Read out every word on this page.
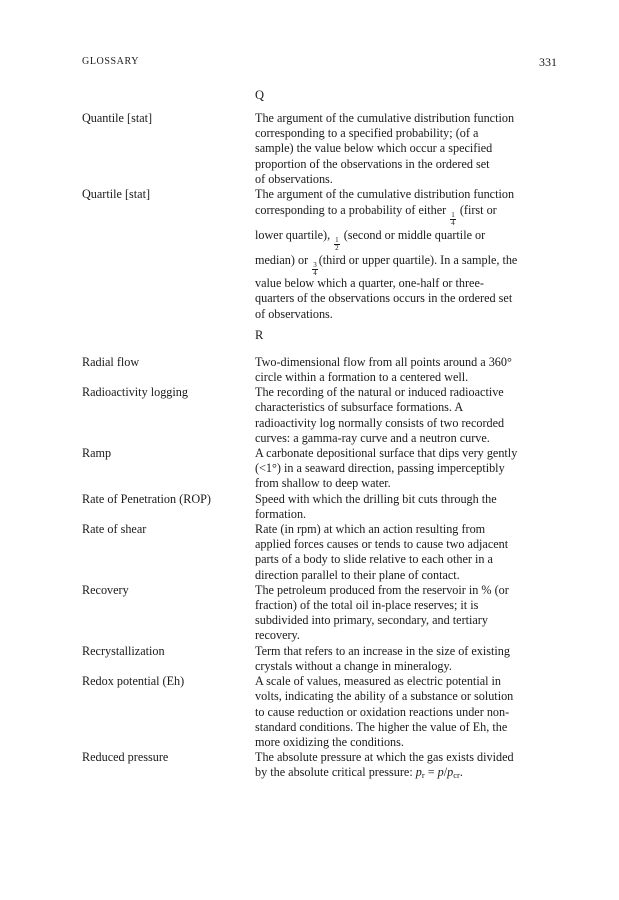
GLOSSARY	331
Q
Quantile [stat]	The argument of the cumulative distribution function
corresponding to a specified probability; (of a
sample) the value below which occur a specified
proportion of the observations in the ordered set
of observations.
Quartile [stat]	The argument of the cumulative distribution function
corresponding to a probability of either
$\frac{1}{4}$
(first or
lower quartile),
$\frac{1}{2}$
(second or middle quartile or
median) or
$\frac{3}{4}$
(third or upper quartile). In a sample, the
value below which a quarter, one-half or three-
quarters of the observations occurs in the ordered set
of observations.
R
Radial flow	Two-dimensional flow from all points around a 360°
circle within a formation to a centered well.
Radioactivity logging	The recording of the natural or induced radioactive
characteristics of subsurface formations. A
radioactivity log normally consists of two recorded
curves: a gamma-ray curve and a neutron curve.
Ramp	A carbonate depositional surface that dips very gently
(<1°) in a seaward direction, passing imperceptibly
from shallow to deep water.
Rate of Penetration (ROP)	Speed with which the drilling bit cuts through the
formation.
Rate of shear	Rate (in rpm) at which an action resulting from
applied forces causes or tends to cause two adjacent
parts of a body to slide relative to each other in a
direction parallel to their plane of contact.
Recovery	The petroleum produced from the reservoir in % (or
fraction) of the total oil in-place reserves; it is
subdivided into primary, secondary, and tertiary
recovery.
Recrystallization	Term that refers to an increase in the size of existing
crystals without a change in mineralogy.
Redox potential (Eh)	A scale of values, measured as electric potential in
volts, indicating the ability of a substance or solution
to cause reduction or oxidation reactions under non-
standard conditions. The higher the value of Eh, the
more oxidizing the conditions.
Reduced pressure	The absolute pressure at which the gas exists divided
by the absolute critical pressure: $p_r = p/p_{cr}$.
